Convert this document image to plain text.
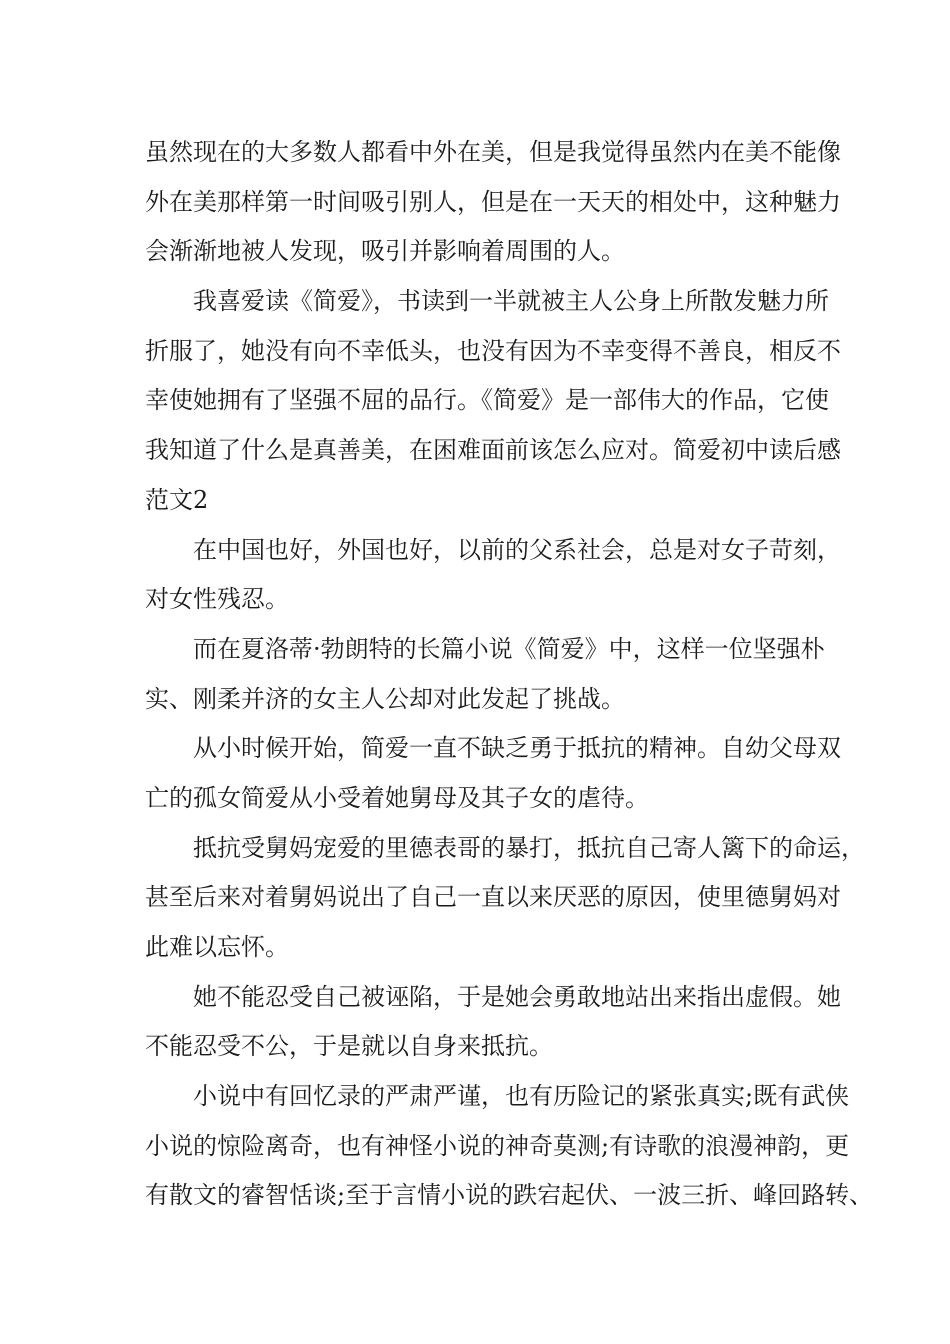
虽然现在的大多数人都看中外在美，但是我觉得虽然内在美不能像
外在美那样第一时间吸引别人，但是在一天天的相处中，这种魅力
会渐渐地被人发现，吸引并影响着周围的人。
我喜爱读《简爱》，书读到一半就被主人公身上所散发魅力所
折服了，她没有向不幸低头，也没有因为不幸变得不善良，相反不
幸使她拥有了坚强不屈的品行。《简爱》是一部伟大的作品，它使
我知道了什么是真善美，在困难面前该怎么应对。简爱初中读后感
范文2
在中国也好，外国也好，以前的父系社会，总是对女子苛刻，
对女性残忍。
而在夏洛蒂·勃朗特的长篇小说《简爱》中，这样一位坚强朴
实、刚柔并济的女主人公却对此发起了挑战。
从小时候开始，简爱一直不缺乏勇于抵抗的精神。自幼父母双
亡的孤女简爱从小受着她舅母及其子女的虐待。
抵抗受舅妈宠爱的里德表哥的暴打，抵抗自己寄人篱下的命运，
甚至后来对着舅妈说出了自己一直以来厌恶的原因，使里德舅妈对
此难以忘怀。
她不能忍受自己被诬陷，于是她会勇敢地站出来指出虚假。她
不能忍受不公，于是就以自身来抵抗。
小说中有回忆录的严肃严谨，也有历险记的紧张真实;既有武侠
小说的惊险离奇，也有神怪小说的神奇莫测;有诗歌的浪漫神韵，更
有散文的睿智恬谈;至于言情小说的跌宕起伏、一波三折、峰回路转、
